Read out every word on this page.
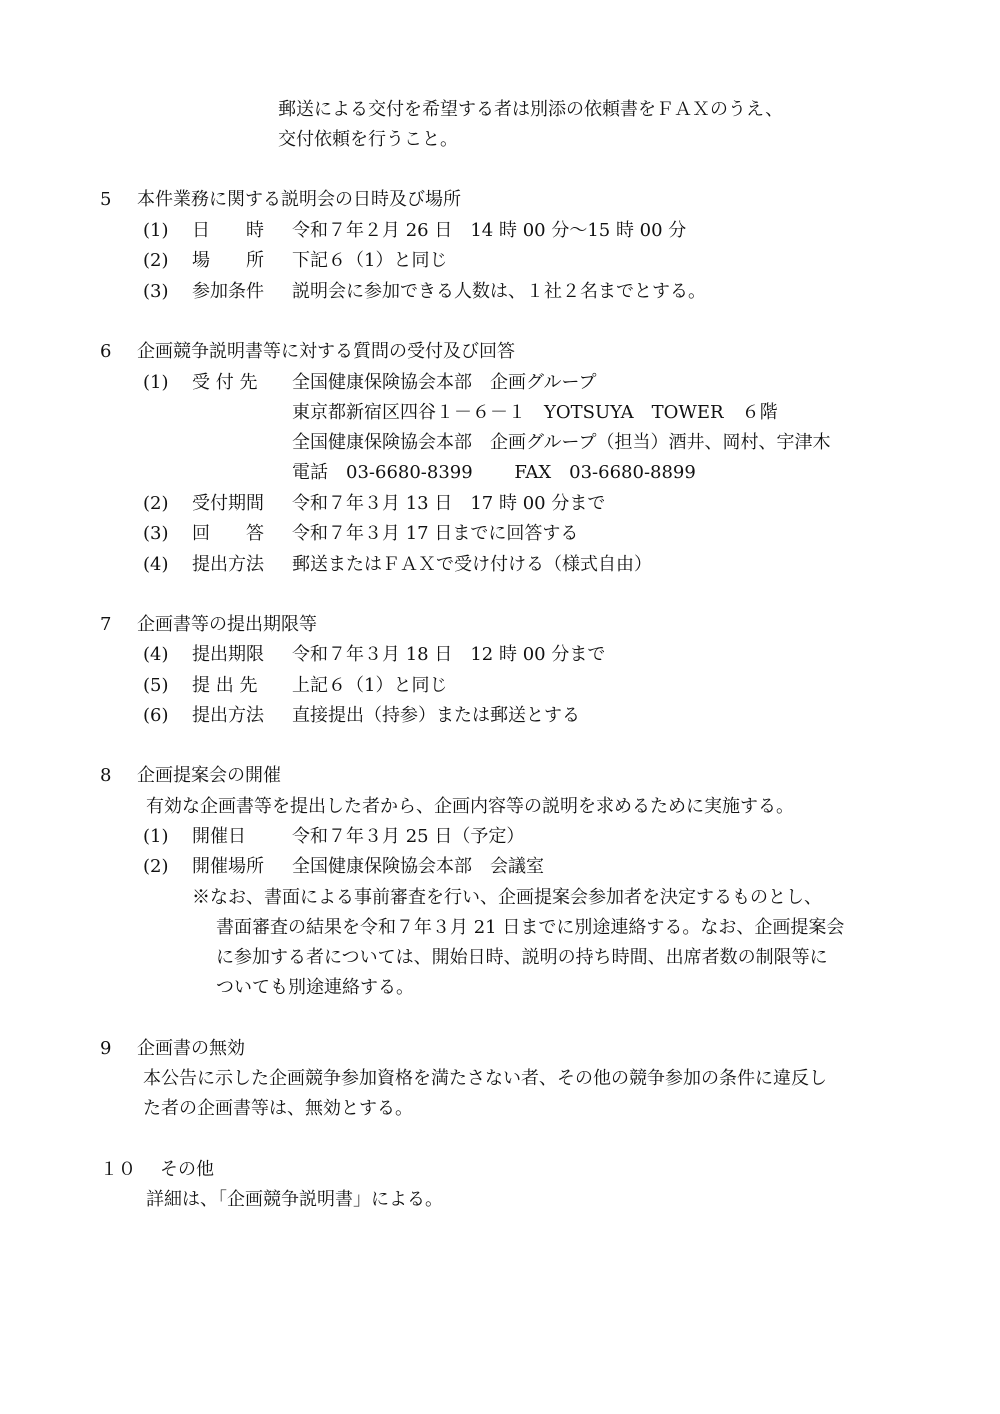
郵送による交付を希望する者は別添の依頼書をＦＡＸのうえ、
交付依頼を行うこと。
5 本件業務に関する説明会の日時及び場所
(1) 日　　時 令和７年２月 26 日　14 時 00 分～15 時 00 分
(2) 場　　所 下記６（1）と同じ
(3) 参加条件 説明会に参加できる人数は、１社２名までとする。
6 企画競争説明書等に対する質問の受付及び回答
(1) 受 付 先 全国健康保険協会本部　企画グループ
東京都新宿区四谷１－６－１　YOTSUYA　TOWER　６階
全国健康保険協会本部　企画グループ（担当）酒井、岡村、宇津木
電話　03-6680-8399　　 FAX　03-6680-8899
(2) 受付期間 令和７年３月 13 日　17 時 00 分まで
(3) 回　　答 令和７年３月 17 日までに回答する
(4) 提出方法 郵送またはＦＡＸで受け付ける（様式自由）
7 企画書等の提出期限等
(4) 提出期限 令和７年３月 18 日　12 時 00 分まで
(5) 提 出 先 上記６（1）と同じ
(6) 提出方法 直接提出（持参）または郵送とする
8 企画提案会の開催
有効な企画書等を提出した者から、企画内容等の説明を求めるために実施する。
(1) 開催日	令和７年３月 25 日（予定）
(2) 開催場所 全国健康保険協会本部　会議室
※なお、書面による事前審査を行い、企画提案会参加者を決定するものとし、
書面審査の結果を令和７年３月 21 日までに別途連絡する。なお、企画提案会
に参加する者については、開始日時、説明の持ち時間、出席者数の制限等に
ついても別途連絡する。
9 企画書の無効
本公告に示した企画競争参加資格を満たさない者、その他の競争参加の条件に違反し
た者の企画書等は、無効とする。
１０ その他
詳細は、「企画競争説明書」による。
